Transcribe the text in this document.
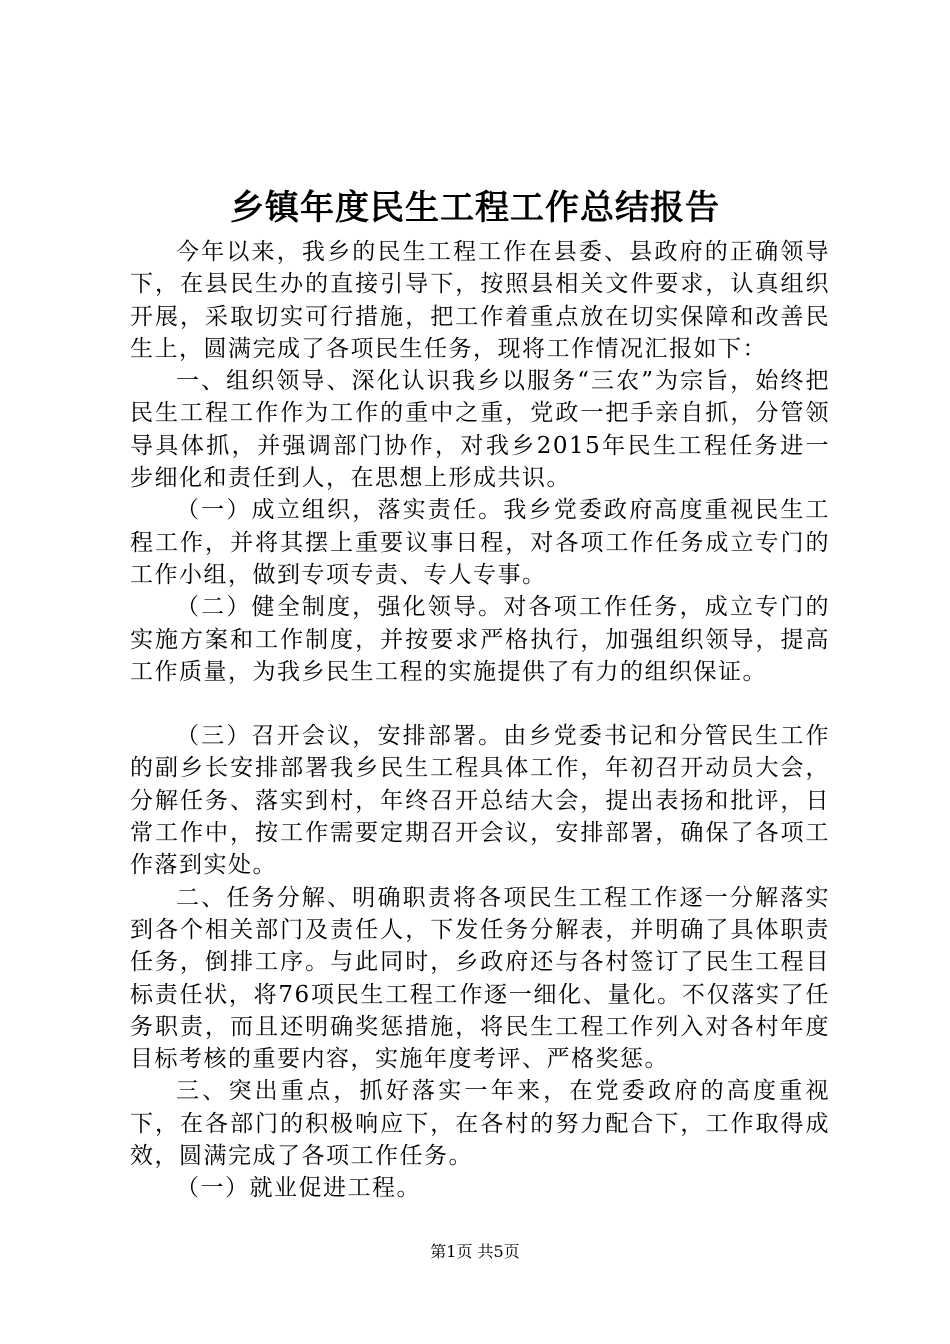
乡镇年度民生工程工作总结报告

今年以来，我乡的民生工程工作在县委、县政府的正确领导下，在县民生办的直接引导下，按照县相关文件要求，认真组织开展，采取切实可行措施，把工作着重点放在切实保障和改善民生上，圆满完成了各项民生任务，现将工作情况汇报如下：

一、组织领导、深化认识我乡以服务“三农”为宗旨，始终把民生工程工作作为工作的重中之重，党政一把手亲自抓，分管领导具体抓，并强调部门协作，对我乡2015年民生工程任务进一步细化和责任到人，在思想上形成共识。

（一）成立组织，落实责任。我乡党委政府高度重视民生工程工作，并将其摆上重要议事日程，对各项工作任务成立专门的工作小组，做到专项专责、专人专事。

（二）健全制度，强化领导。对各项工作任务，成立专门的实施方案和工作制度，并按要求严格执行，加强组织领导，提高工作质量，为我乡民生工程的实施提供了有力的组织保证。

（三）召开会议，安排部署。由乡党委书记和分管民生工作的副乡长安排部署我乡民生工程具体工作，年初召开动员大会，分解任务、落实到村，年终召开总结大会，提出表扬和批评，日常工作中，按工作需要定期召开会议，安排部署，确保了各项工作落到实处。

二、任务分解、明确职责将各项民生工程工作逐一分解落实到各个相关部门及责任人，下发任务分解表，并明确了具体职责任务，倒排工序。与此同时，乡政府还与各村签订了民生工程目标责任状，将76项民生工程工作逐一细化、量化。不仅落实了任务职责，而且还明确奖惩措施，将民生工程工作列入对各村年度目标考核的重要内容，实施年度考评、严格奖惩。

三、突出重点，抓好落实一年来，在党委政府的高度重视下，在各部门的积极响应下，在各村的努力配合下，工作取得成效，圆满完成了各项工作任务。

（一）就业促进工程。

第1页 共5页
